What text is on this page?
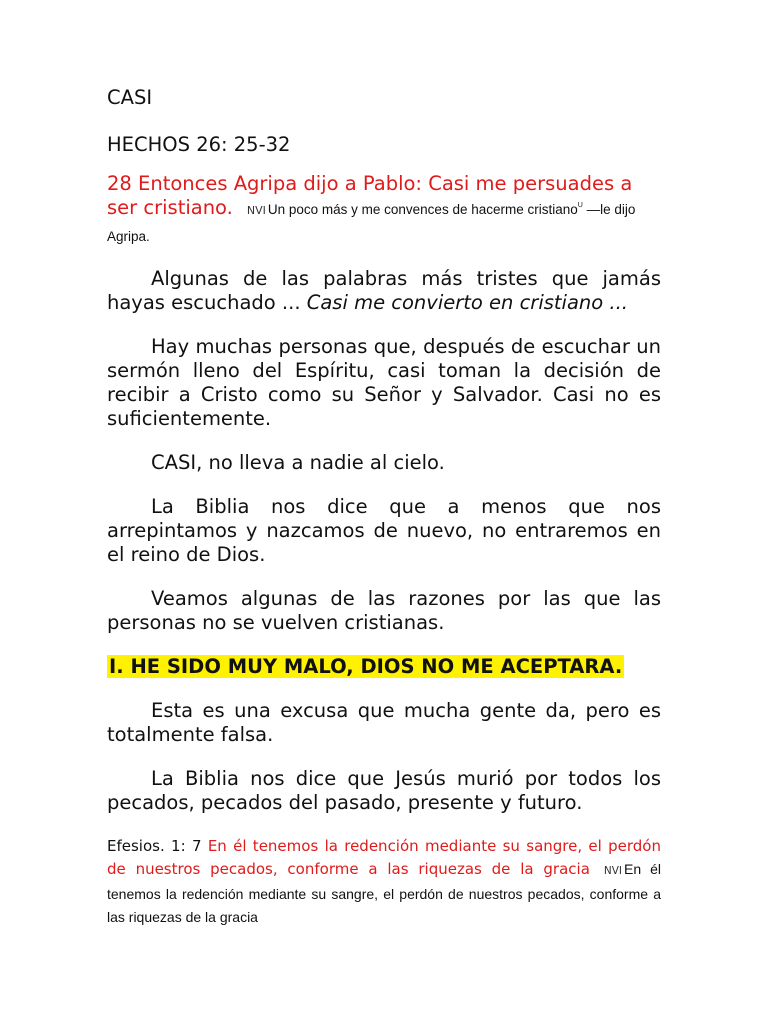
CASI
HECHOS 26: 25-32
28 Entonces Agripa dijo a Pablo: Casi me persuades a ser cristiano. NVI Un poco más y me convences de hacerme cristiano$^U$ —le dijo Agripa.

Algunas de las palabras más tristes que jamás hayas escuchado ... Casi me convierto en cristiano ...

Hay muchas personas que, después de escuchar un sermón lleno del Espíritu, casi toman la decisión de recibir a Cristo como su Señor y Salvador. Casi no es suficientemente.

CASI, no lleva a nadie al cielo.

La Biblia nos dice que a menos que nos arrepintamos y nazcamos de nuevo, no entraremos en el reino de Dios.

Veamos algunas de las razones por las que las personas no se vuelven cristianas.

I. HE SIDO MUY MALO, DIOS NO ME ACEPTARA.

Esta es una excusa que mucha gente da, pero es totalmente falsa.

La Biblia nos dice que Jesús murió por todos los pecados, pecados del pasado, presente y futuro.

Efesios. 1: 7 En él tenemos la redención mediante su sangre, el perdón de nuestros pecados, conforme a las riquezas de la gracia NVI En él tenemos la redención mediante su sangre, el perdón de nuestros pecados, conforme a las riquezas de la gracia
